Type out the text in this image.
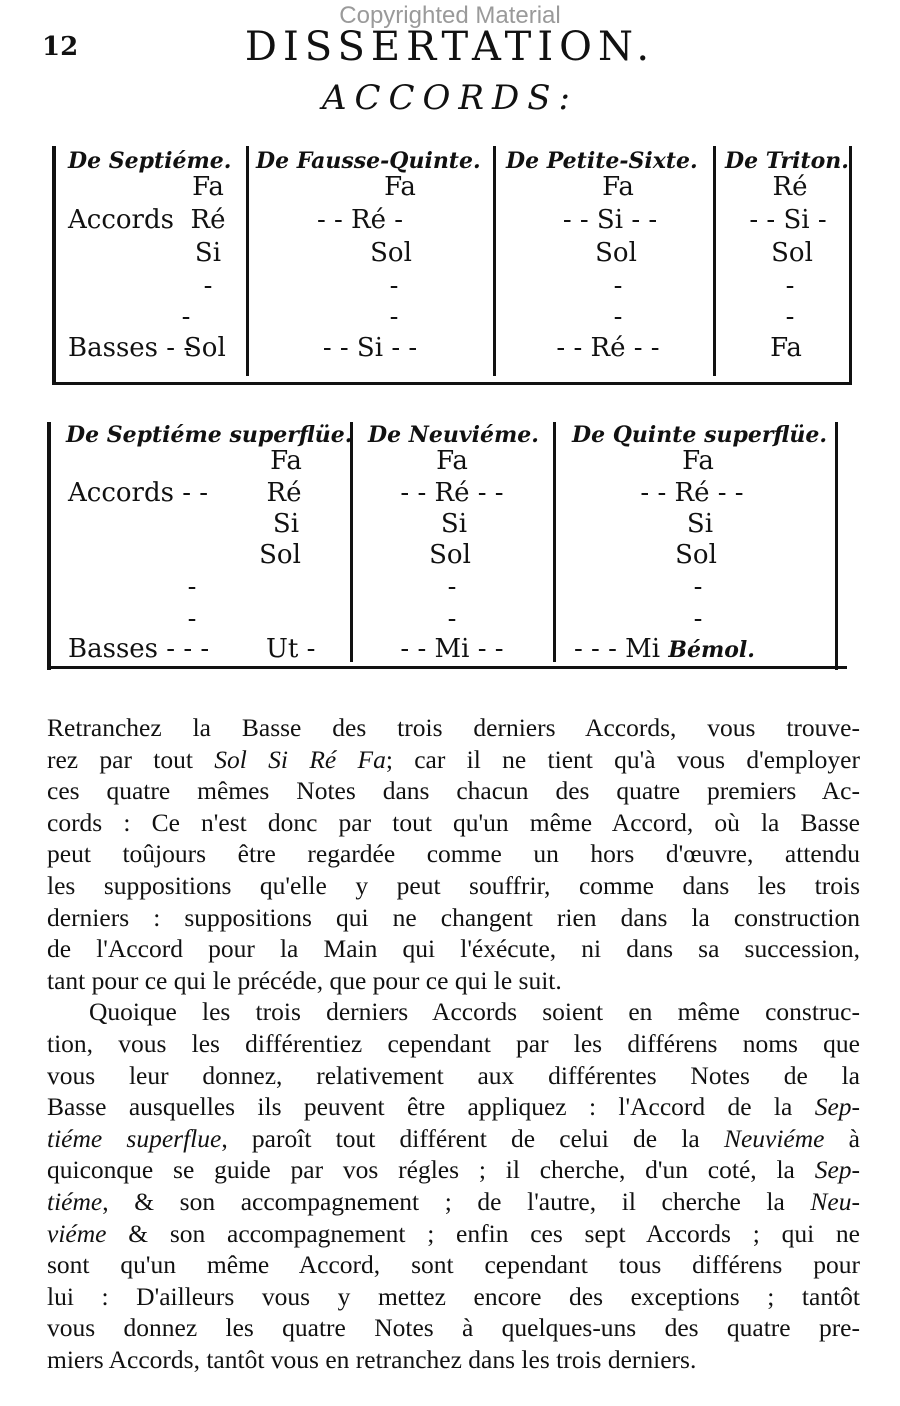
Copyrighted Material
12	DISSERTATION.
ACCORDS:
De Septiéme. De Fausse-Quinte. De Petite-Sixte. De Triton.
Accords
Basses - -
Fa
Ré
Si
-
-
Sol
Fa
- - Ré -
Sol
-
-
- - Si - -
Fa
- - Si - -
Sol
-
-
- - Ré - -
Ré
- - Si -
Sol
-
-
Fa
De Septiéme superflüe. De Neuviéme. De Quinte superflüe.
Accords - -
Basses - - -
Fa
Ré
Si
Sol
-
-
Ut -
Fa
- - Ré - -
Si
Sol
-
-
- - Mi - -
Fa
- - Ré - -
Si
Sol
-
-
- - - Mi Bémol.

Retranchez la Basse des trois derniers Accords, vous trouve-

rez par tout Sol Si Ré Fa; car il ne tient qu'à vous d'employer

ces quatre mêmes Notes dans chacun des quatre premiers Ac-

cords : Ce n'est donc par tout qu'un même Accord, où la Basse

peut toûjours être regardée comme un hors d'œuvre, attendu

les suppositions qu'elle y peut souffrir, comme dans les trois

derniers : suppositions qui ne changent rien dans la construction

de l'Accord pour la Main qui l'éxécute, ni dans sa succession,

tant pour ce qui le précéde, que pour ce qui le suit.

Quoique les trois derniers Accords soient en même construc-

tion, vous les différentiez cependant par les différens noms que

vous leur donnez, relativement aux différentes Notes de la

Basse ausquelles ils peuvent être appliquez : l'Accord de la Sep-

tiéme superflue, paroît tout différent de celui de la Neuviéme à

quiconque se guide par vos régles ; il cherche, d'un coté, la Sep-

tiéme, & son accompagnement ; de l'autre, il cherche la Neu-

viéme & son accompagnement ; enfin ces sept Accords ; qui ne

sont qu'un même Accord, sont cependant tous différens pour

lui : D'ailleurs vous y mettez encore des exceptions ; tantôt

vous donnez les quatre Notes à quelques-uns des quatre pre-

miers Accords, tantôt vous en retranchez dans les trois derniers.
